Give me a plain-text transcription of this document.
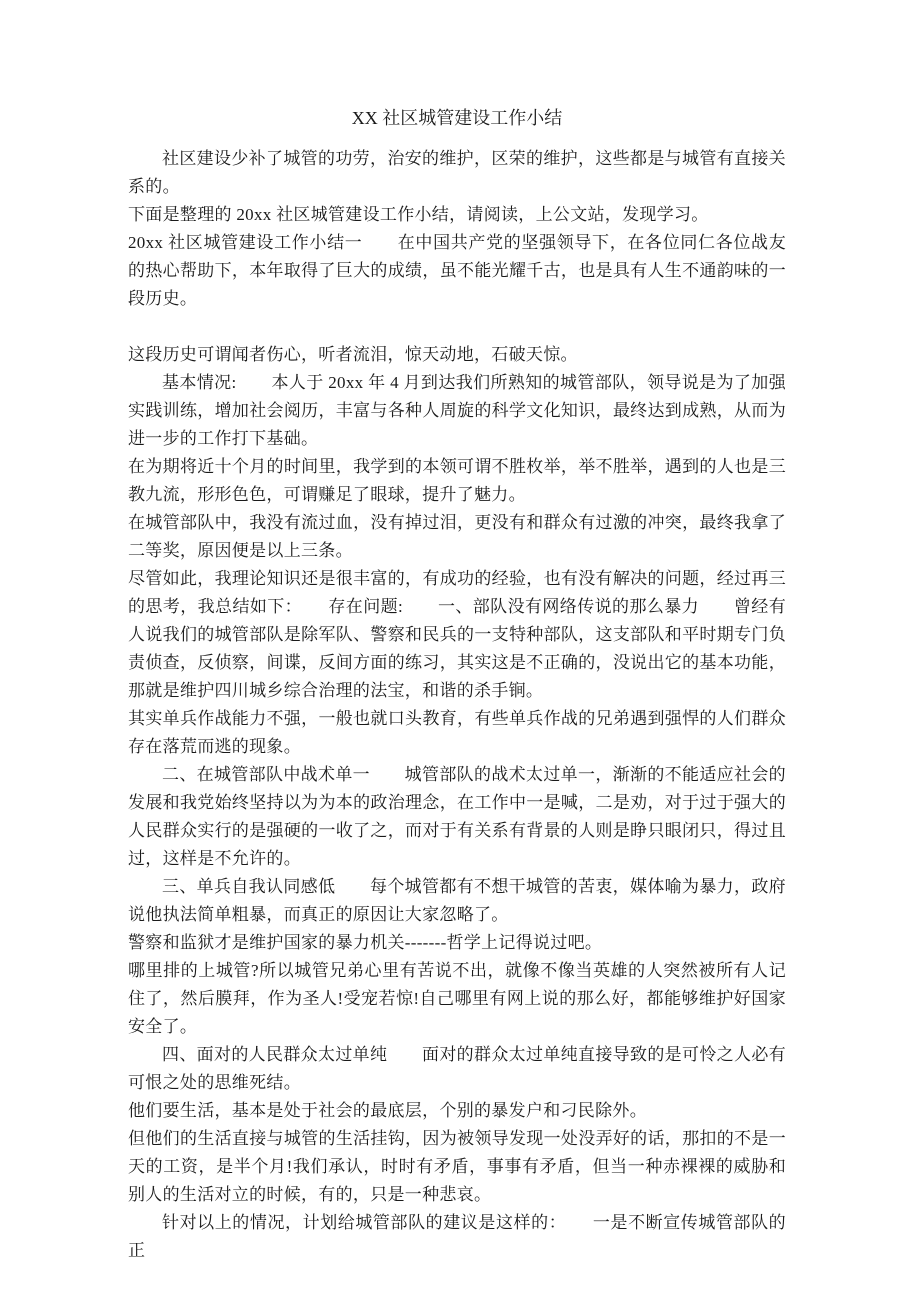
XX 社区城管建设工作小结

社区建设少补了城管的功劳，治安的维护，区荣的维护，这些都是与城管有直接关系的。

下面是整理的 20xx 社区城管建设工作小结，请阅读，上公文站，发现学习。

20xx 社区城管建设工作小结一　　在中国共产党的坚强领导下，在各位同仁各位战友的热心帮助下，本年取得了巨大的成绩，虽不能光耀千古，也是具有人生不通韵味的一段历史。

这段历史可谓闻者伤心，听者流泪，惊天动地，石破天惊。

基本情况:　　本人于 20xx 年 4 月到达我们所熟知的城管部队，领导说是为了加强实践训练，增加社会阅历，丰富与各种人周旋的科学文化知识，最终达到成熟，从而为进一步的工作打下基础。

在为期将近十个月的时间里，我学到的本领可谓不胜枚举，举不胜举，遇到的人也是三教九流，形形色色，可谓赚足了眼球，提升了魅力。

在城管部队中，我没有流过血，没有掉过泪，更没有和群众有过激的冲突，最终我拿了二等奖，原因便是以上三条。

尽管如此，我理论知识还是很丰富的，有成功的经验，也有没有解决的问题，经过再三的思考，我总结如下：　　存在问题:　　一、部队没有网络传说的那么暴力　　曾经有人说我们的城管部队是除军队、警察和民兵的一支特种部队，这支部队和平时期专门负责侦查，反侦察，间谍，反间方面的练习，其实这是不正确的，没说出它的基本功能，那就是维护四川城乡综合治理的法宝，和谐的杀手锏。

其实单兵作战能力不强，一般也就口头教育，有些单兵作战的兄弟遇到强悍的人们群众存在落荒而逃的现象。

二、在城管部队中战术单一　　城管部队的战术太过单一，渐渐的不能适应社会的发展和我党始终坚持以为为本的政治理念，在工作中一是喊，二是劝，对于过于强大的人民群众实行的是强硬的一收了之，而对于有关系有背景的人则是睁只眼闭只，得过且过，这样是不允许的。

三、单兵自我认同感低　　每个城管都有不想干城管的苦衷，媒体喻为暴力，政府说他执法简单粗暴，而真正的原因让大家忽略了。

警察和监狱才是维护国家的暴力机关-------哲学上记得说过吧。

哪里排的上城管?所以城管兄弟心里有苦说不出，就像不像当英雄的人突然被所有人记住了，然后膜拜，作为圣人!受宠若惊!自己哪里有网上说的那么好，都能够维护好国家安全了。

四、面对的人民群众太过单纯　　面对的群众太过单纯直接导致的是可怜之人必有可恨之处的思维死结。

他们要生活，基本是处于社会的最底层，个别的暴发户和刁民除外。

但他们的生活直接与城管的生活挂钩，因为被领导发现一处没弄好的话，那扣的不是一天的工资，是半个月!我们承认，时时有矛盾，事事有矛盾，但当一种赤裸裸的威胁和别人的生活对立的时候，有的，只是一种悲哀。

针对以上的情况，计划给城管部队的建议是这样的：　　一是不断宣传城管部队的正
